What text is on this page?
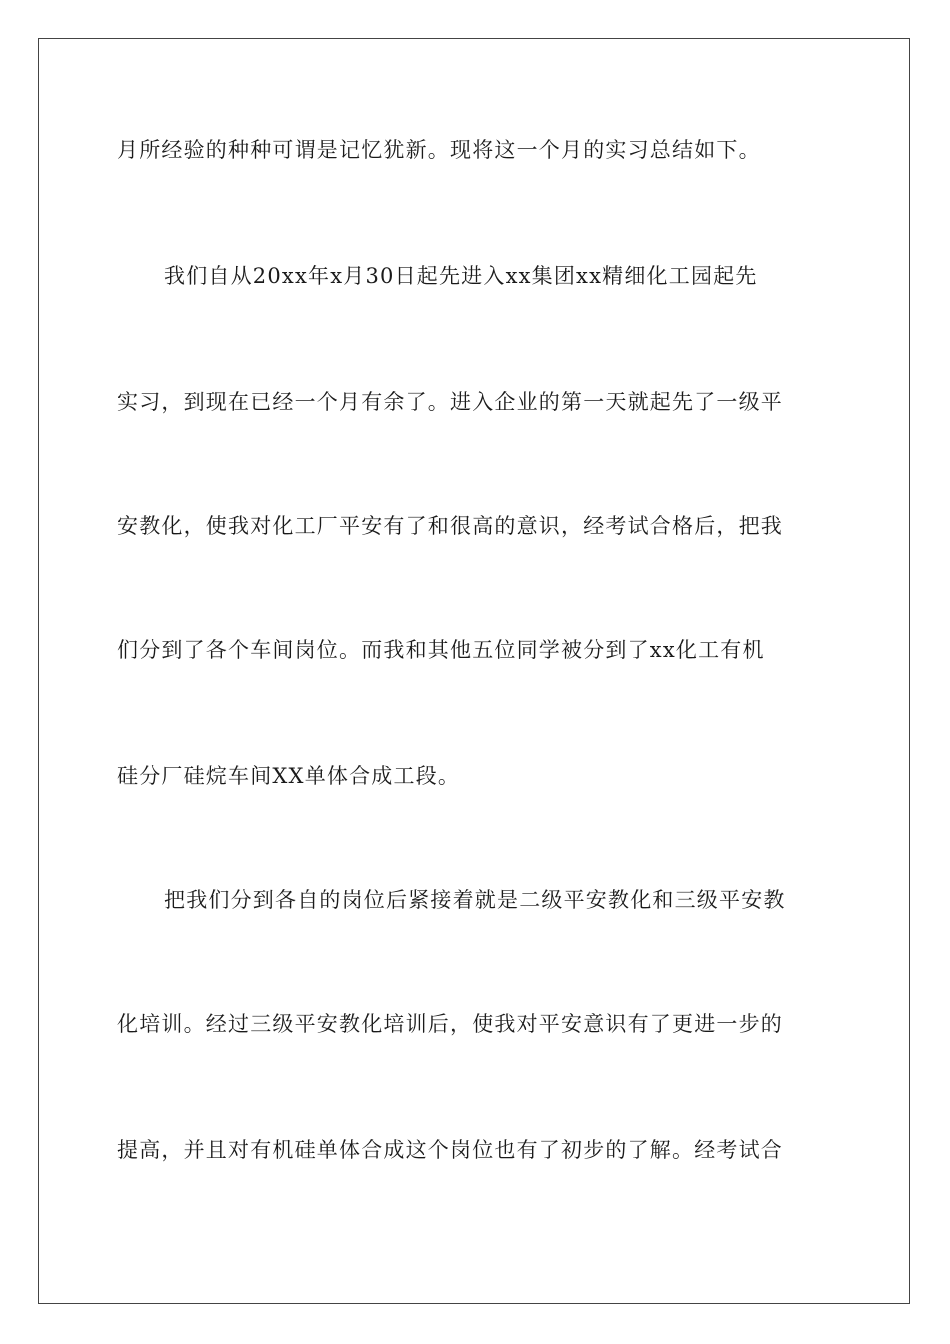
月所经验的种种可谓是记忆犹新。现将这一个月的实习总结如下。
我们自从20xx年x月30日起先进入xx集团xx精细化工园起先
实习，到现在已经一个月有余了。进入企业的第一天就起先了一级平
安教化，使我对化工厂平安有了和很高的意识，经考试合格后，把我
们分到了各个车间岗位。而我和其他五位同学被分到了xx化工有机
硅分厂硅烷车间XX单体合成工段。
把我们分到各自的岗位后紧接着就是二级平安教化和三级平安教
化培训。经过三级平安教化培训后，使我对平安意识有了更进一步的
提高，并且对有机硅单体合成这个岗位也有了初步的了解。经考试合
